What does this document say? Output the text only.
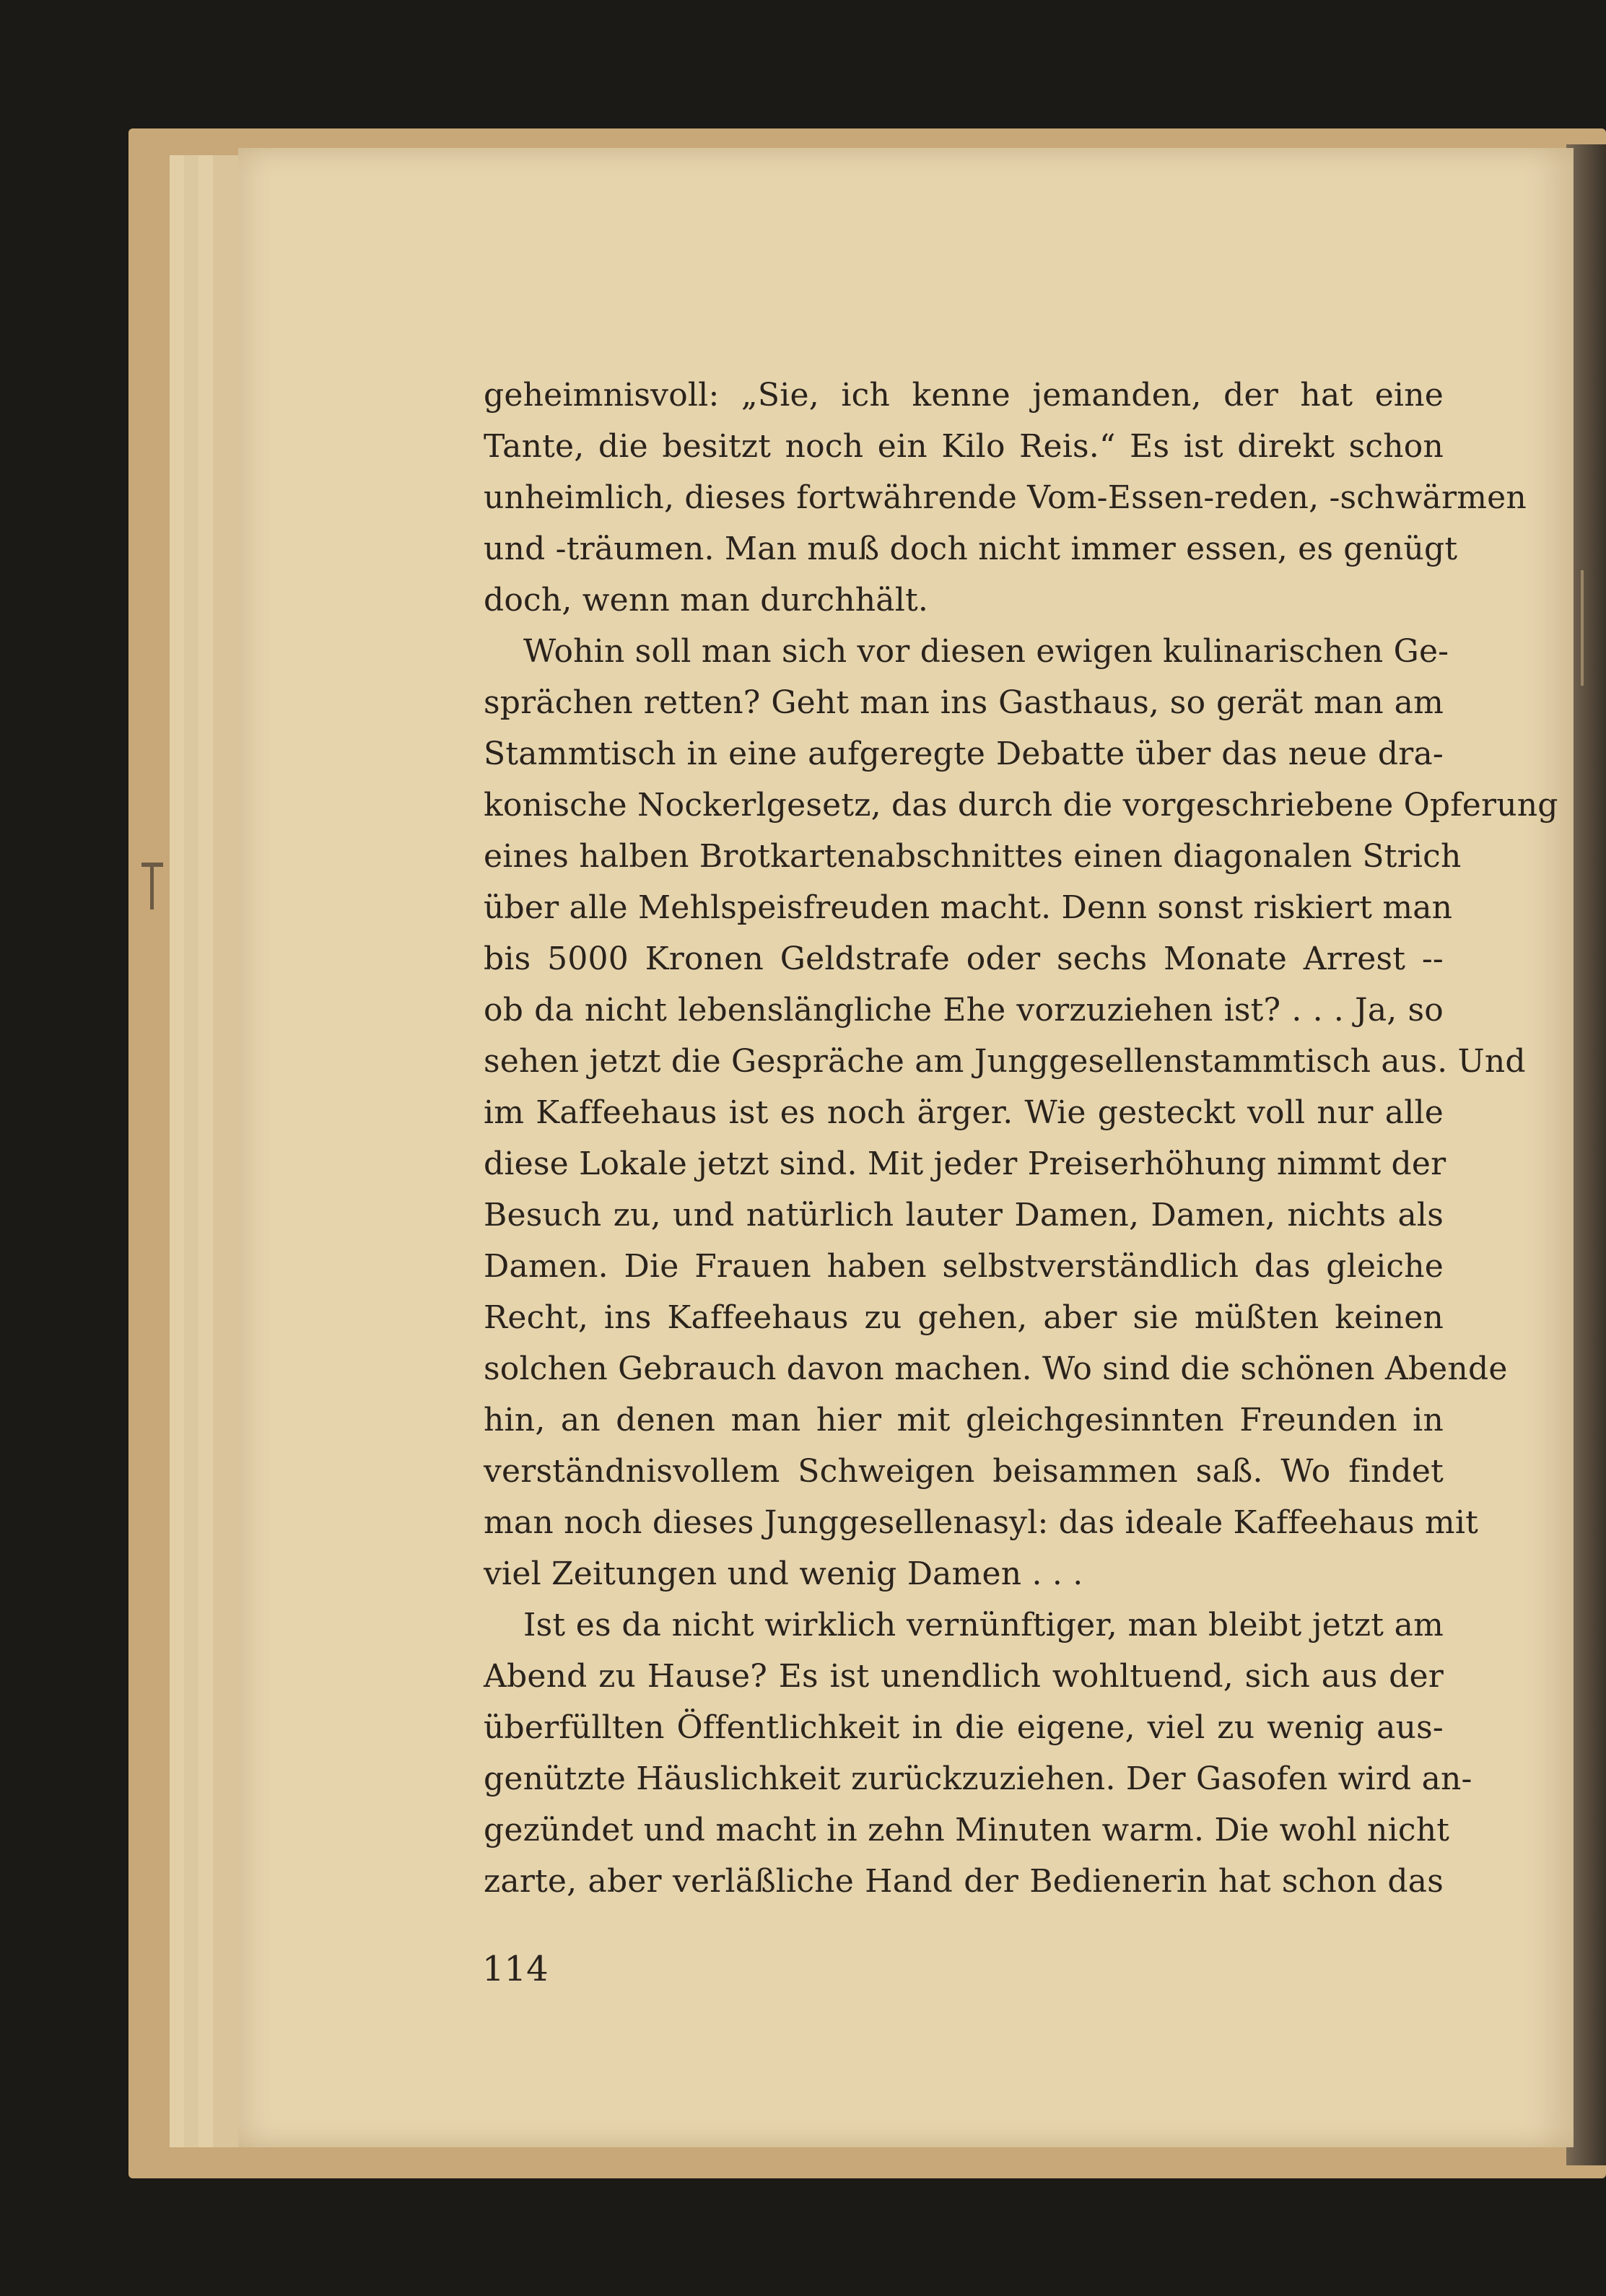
geheimnisvoll: „Sie, ich kenne jemanden, der hat eine
Tante, die besitzt noch ein Kilo Reis.“ Es ist direkt schon
unheimlich, dieses fortwährende Vom-Essen-reden, -schwärmen
und -träumen. Man muß doch nicht immer essen, es genügt
doch, wenn man durchhält.
Wohin soll man sich vor diesen ewigen kulinarischen Ge-
sprächen retten? Geht man ins Gasthaus, so gerät man am
Stammtisch in eine aufgeregte Debatte über das neue dra-
konische Nockerlgesetz, das durch die vorgeschriebene Opferung
eines halben Brotkartenabschnittes einen diagonalen Strich
über alle Mehlspeisfreuden macht. Denn sonst riskiert man
bis 5000 Kronen Geldstrafe oder sechs Monate Arrest --
ob da nicht lebenslängliche Ehe vorzuziehen ist? . . . Ja, so
sehen jetzt die Gespräche am Junggesellenstammtisch aus. Und
im Kaffeehaus ist es noch ärger. Wie gesteckt voll nur alle
diese Lokale jetzt sind. Mit jeder Preiserhöhung nimmt der
Besuch zu, und natürlich lauter Damen, Damen, nichts als
Damen. Die Frauen haben selbstverständlich das gleiche
Recht, ins Kaffeehaus zu gehen, aber sie müßten keinen
solchen Gebrauch davon machen. Wo sind die schönen Abende
hin, an denen man hier mit gleichgesinnten Freunden in
verständnisvollem Schweigen beisammen saß. Wo findet
man noch dieses Junggesellenasyl: das ideale Kaffeehaus mit
viel Zeitungen und wenig Damen . . .
Ist es da nicht wirklich vernünftiger, man bleibt jetzt am
Abend zu Hause? Es ist unendlich wohltuend, sich aus der
überfüllten Öffentlichkeit in die eigene, viel zu wenig aus-
genützte Häuslichkeit zurückzuziehen. Der Gasofen wird an-
gezündet und macht in zehn Minuten warm. Die wohl nicht
zarte, aber verläßliche Hand der Bedienerin hat schon das
114
